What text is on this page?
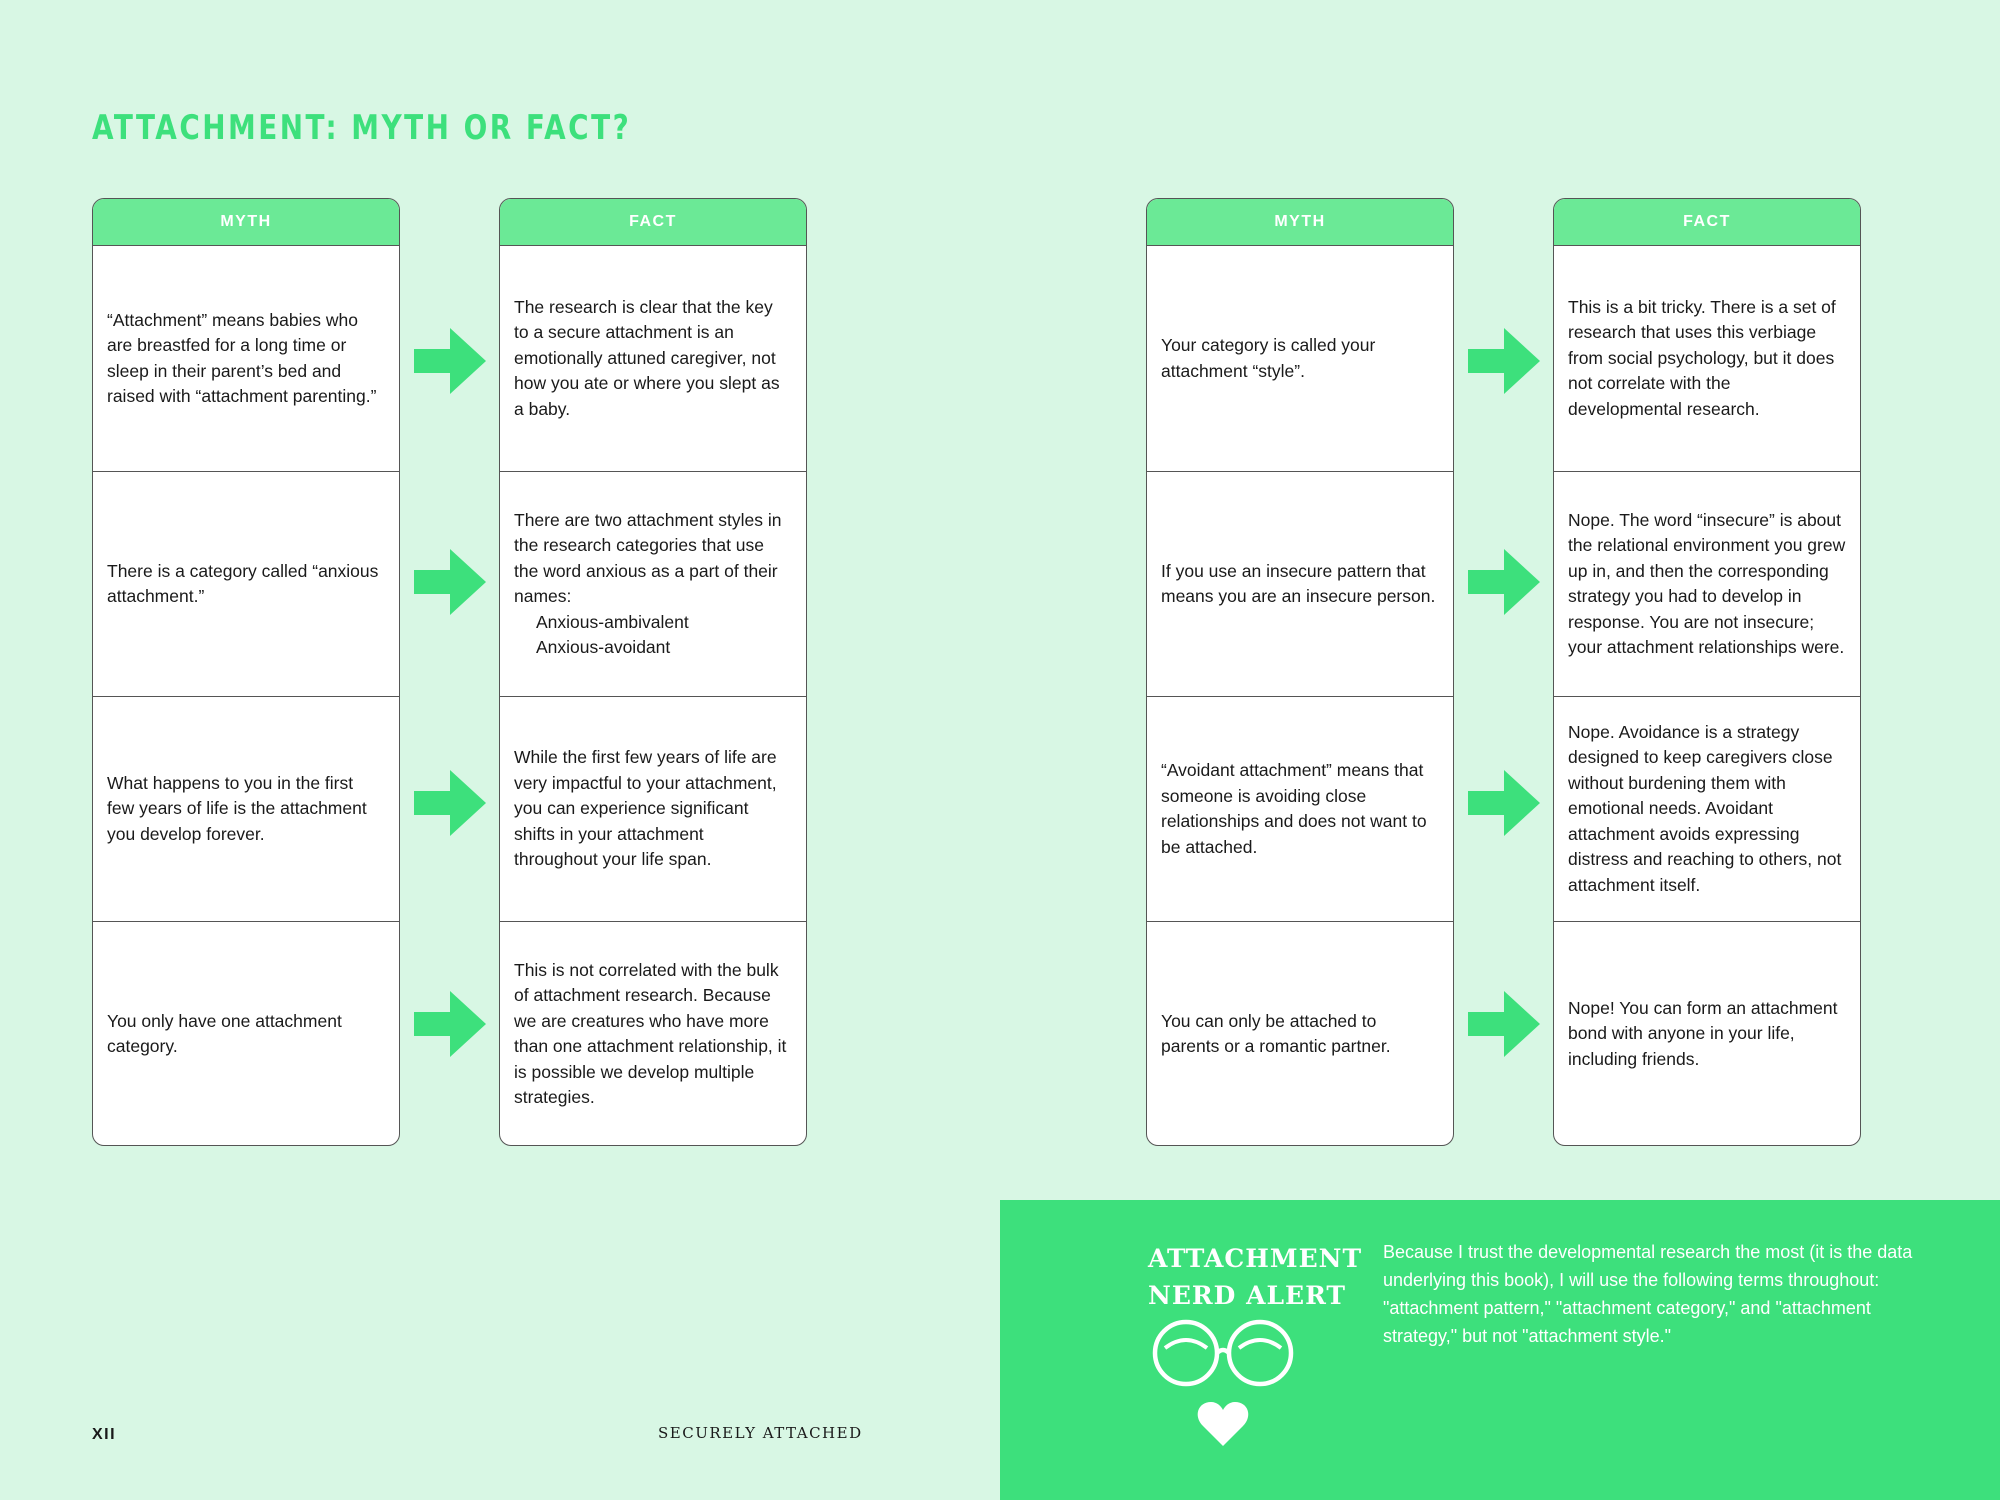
ATTACHMENT: MYTH OR FACT?
MYTH
“Attachment” means babies who are breastfed for a long time or sleep in their parent’s bed and raised with “attachment parenting.”
There is a category called “anxious attachment.”
What happens to you in the first few years of life is the attachment you develop forever.
You only have one attachment category.
FACT
The research is clear that the key to a secure attachment is an emotionally attuned caregiver, not how you ate or where you slept as a baby.
There are two attachment styles in the research categories that use the word anxious as a part of their names:
Anxious-ambivalent
Anxious-avoidant
While the first few years of life are very impactful to your attachment, you can experience significant shifts in your attachment throughout your life span.
This is not correlated with the bulk of attachment research. Because we are creatures who have more than one attachment relationship, it is possible we develop multiple strategies.
MYTH
Your category is called your attachment “style”.
If you use an insecure pattern that means you are an insecure person.
“Avoidant attachment” means that someone is avoiding close relationships and does not want to be attached.
You can only be attached to parents or a romantic partner.
FACT
This is a bit tricky. There is a set of research that uses this verbiage from social psychology, but it does not correlate with the developmental research.
Nope. The word “insecure” is about the relational environment you grew up in, and then the corresponding strategy you had to develop in response. You are not insecure; your attachment relationships were.
Nope. Avoidance is a strategy designed to keep caregivers close without burdening them with emotional needs. Avoidant attachment avoids expressing distress and reaching to others, not attachment itself.
Nope! You can form an attachment bond with anyone in your life, including friends.
XII	SECURELY ATTACHED
ATTACHMENT
NERD ALERT

Because I trust the developmental research the most (it is the data underlying this book), I will use the following terms throughout: "attachment pattern," "attachment category," and "attachment strategy," but not "attachment style."
